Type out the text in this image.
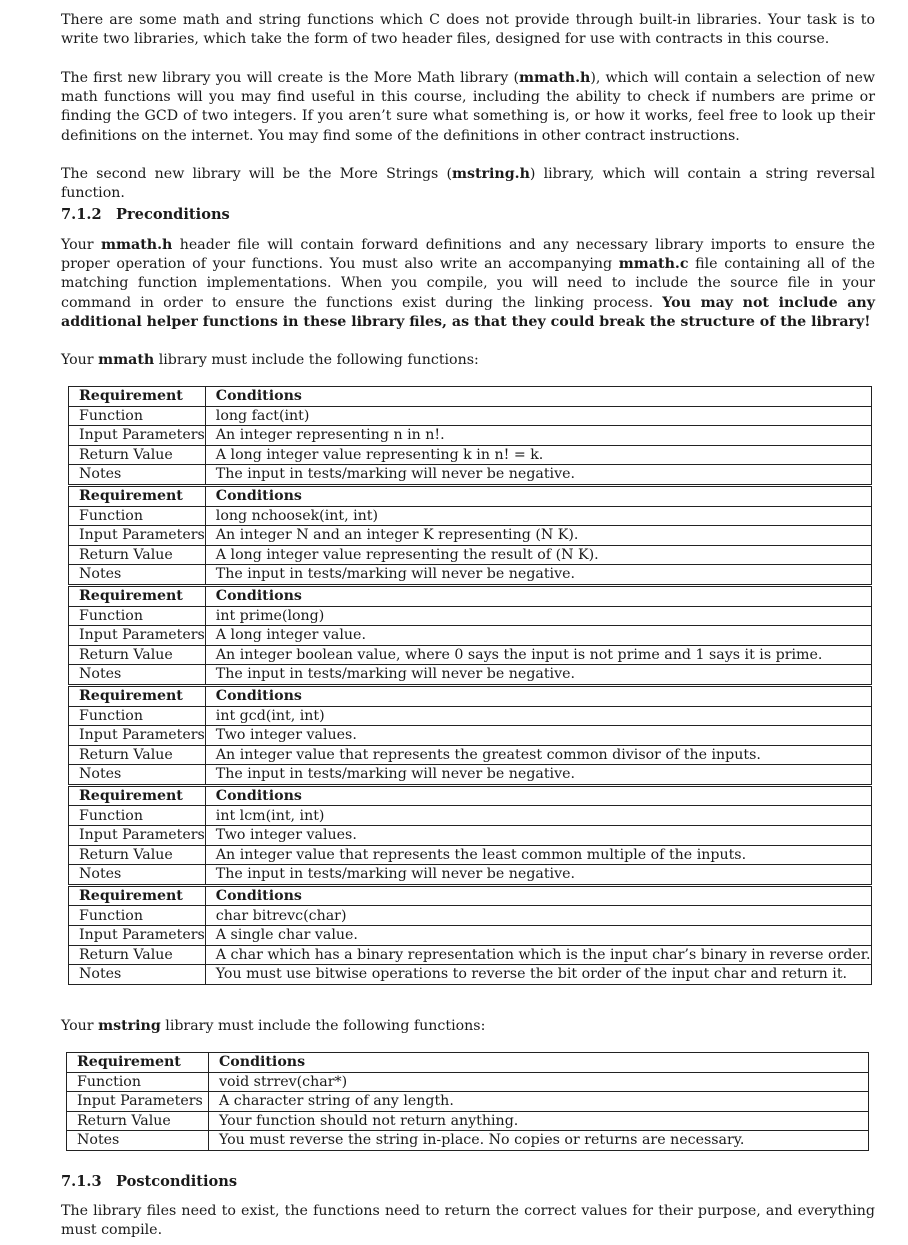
There are some math and string functions which C does not provide through built-in libraries. Your task is to write two libraries, which take the form of two header files, designed for use with contracts in this course.

The first new library you will create is the More Math library (mmath.h), which will contain a selection of new math functions will you may find useful in this course, including the ability to check if numbers are prime or finding the GCD of two integers. If you aren’t sure what something is, or how it works, feel free to look up their definitions on the internet. You may find some of the definitions in other contract instructions.

The second new library will be the More Strings (mstring.h) library, which will contain a string reversal function.

7.1.2 Preconditions

Your mmath.h header file will contain forward definitions and any necessary library imports to ensure the proper operation of your functions. You must also write an accompanying mmath.c file containing all of the matching function implementations. When you compile, you will need to include the source file in your command in order to ensure the functions exist during the linking process. You may not include any additional helper functions in these library files, as that they could break the structure of the library!

Your mmath library must include the following functions:

Requirement	Conditions
Function	long fact(int)
Input Parameters	An integer representing n in n!.
Return Value	A long integer value representing k in n! = k.
Notes	The input in tests/marking will never be negative.
Requirement	Conditions
Function	long nchoosek(int, int)
Input Parameters	An integer N and an integer K representing (N K).
Return Value	A long integer value representing the result of (N K).
Notes	The input in tests/marking will never be negative.
Requirement	Conditions
Function	int prime(long)
Input Parameters	A long integer value.
Return Value	An integer boolean value, where 0 says the input is not prime and 1 says it is prime.
Notes	The input in tests/marking will never be negative.
Requirement	Conditions
Function	int gcd(int, int)
Input Parameters	Two integer values.
Return Value	An integer value that represents the greatest common divisor of the inputs.
Notes	The input in tests/marking will never be negative.
Requirement	Conditions
Function	int lcm(int, int)
Input Parameters	Two integer values.
Return Value	An integer value that represents the least common multiple of the inputs.
Notes	The input in tests/marking will never be negative.
Requirement	Conditions
Function	char bitrevc(char)
Input Parameters	A single char value.
Return Value	A char which has a binary representation which is the input char’s binary in reverse order.
Notes	You must use bitwise operations to reverse the bit order of the input char and return it.

Your mstring library must include the following functions:

Requirement	Conditions
Function	void strrev(char*)
Input Parameters	A character string of any length.
Return Value	Your function should not return anything.
Notes	You must reverse the string in-place. No copies or returns are necessary.
7.1.3 Postconditions

The library files need to exist, the functions need to return the correct values for their purpose, and everything must compile.
